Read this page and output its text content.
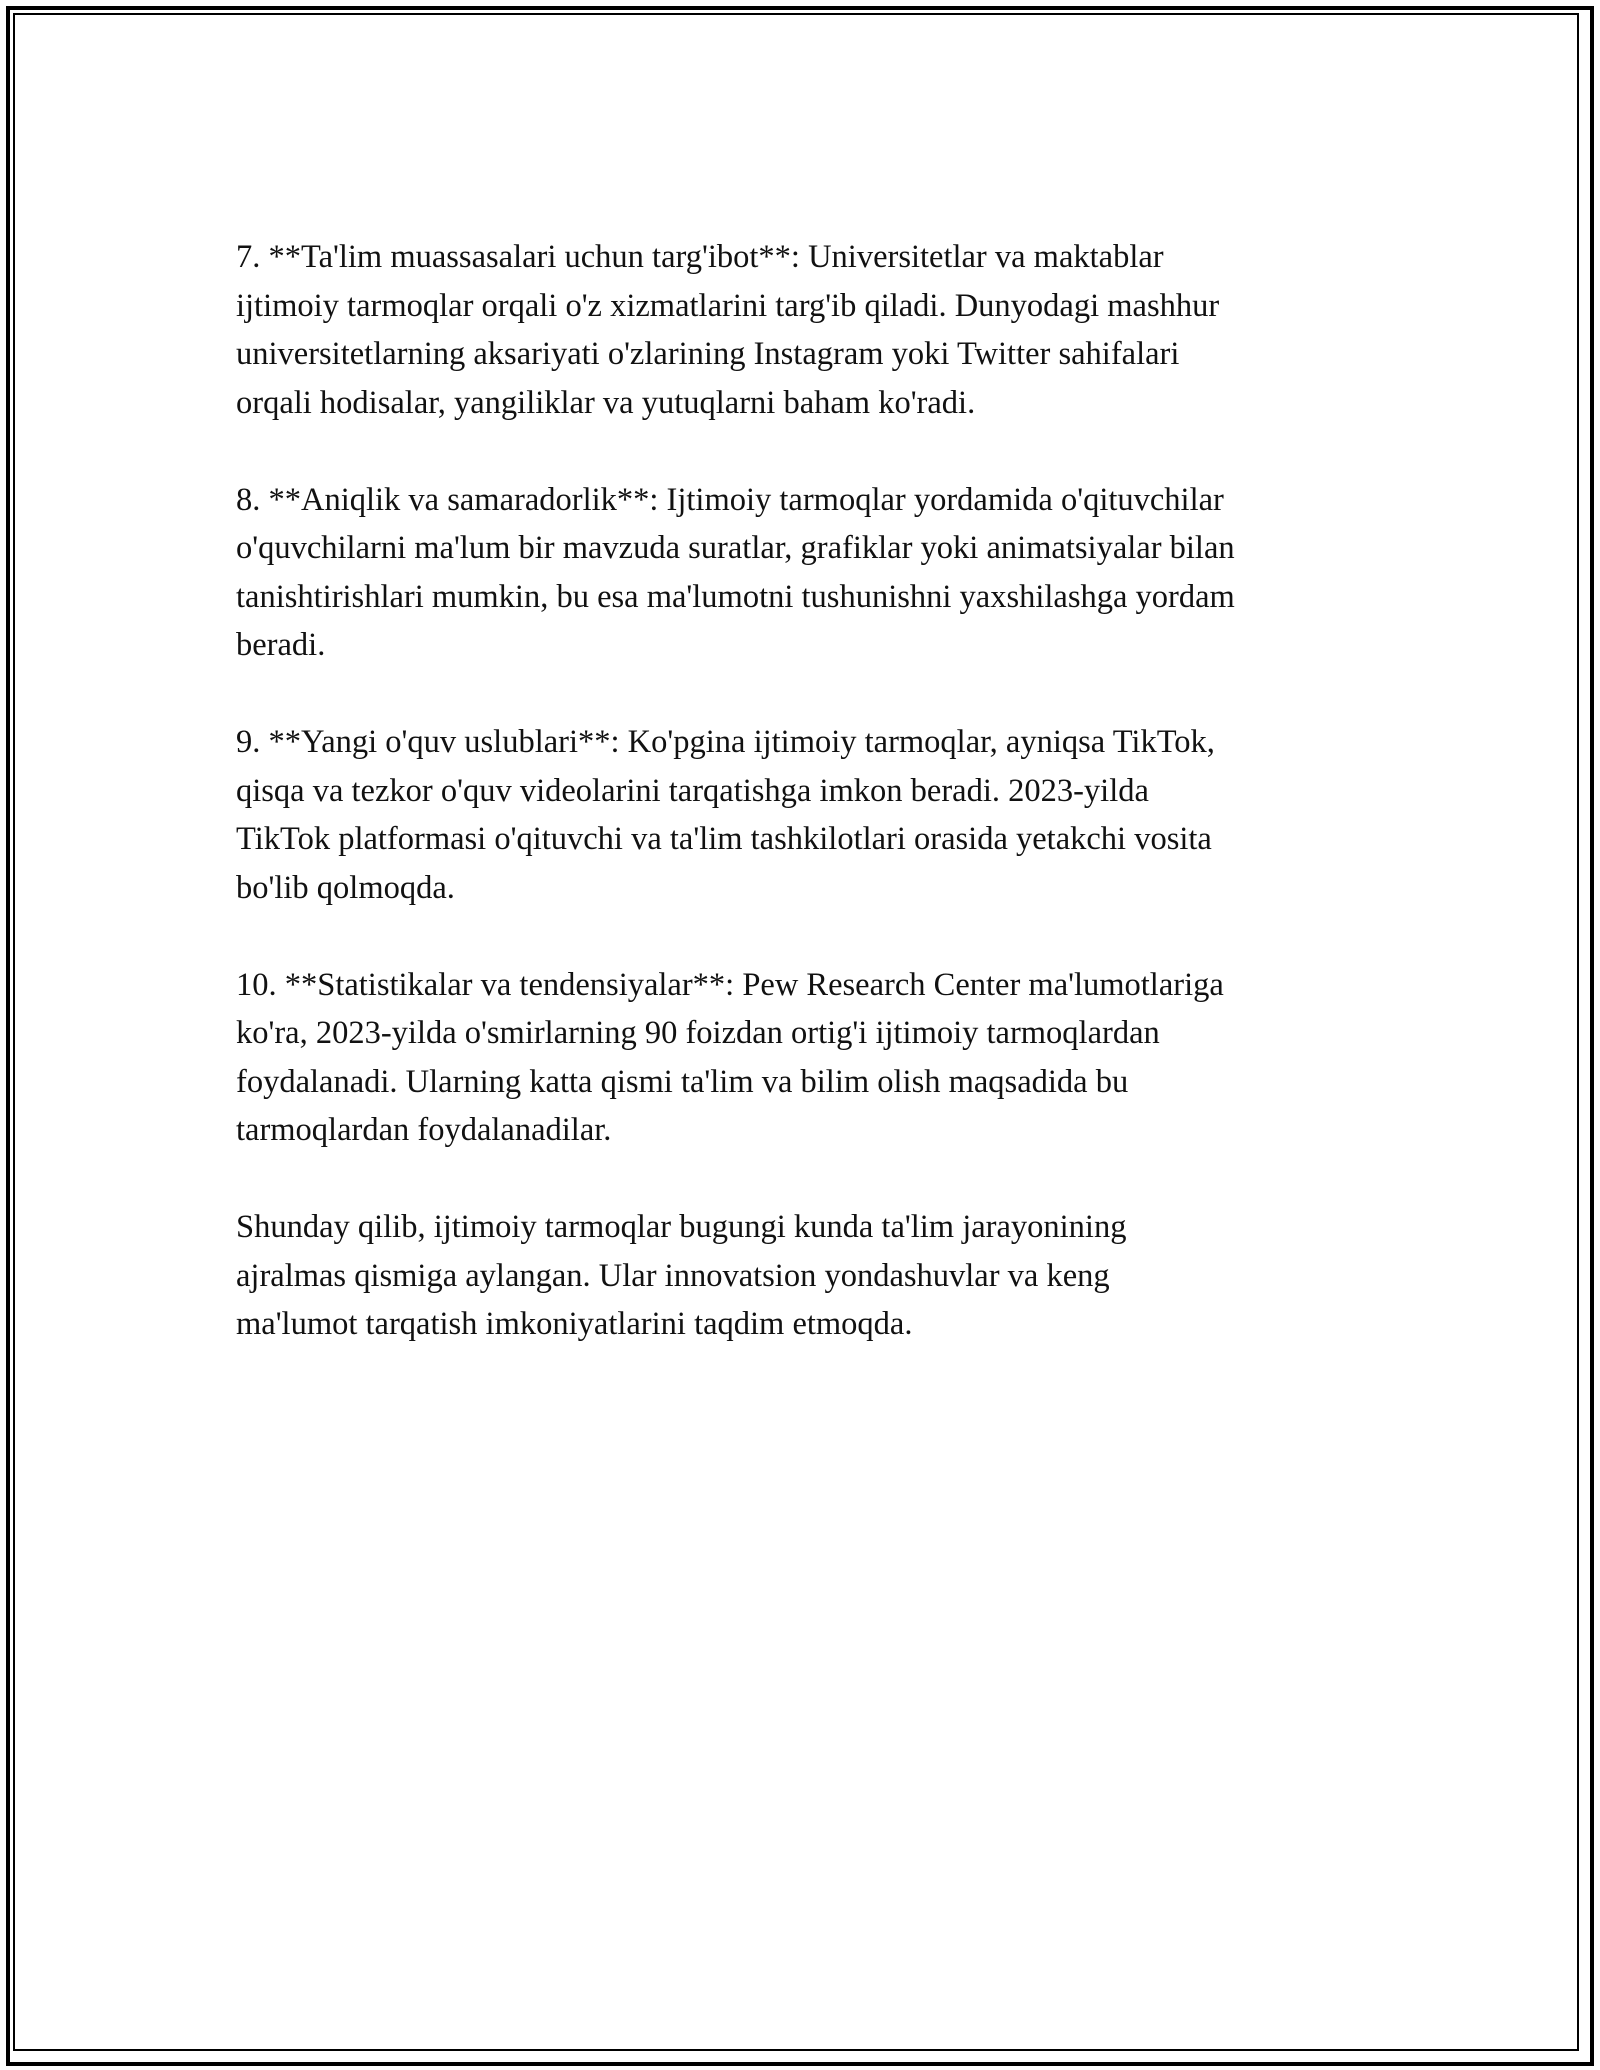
7. **Ta'lim muassasalari uchun targ'ibot**: Universitetlar va maktablar
ijtimoiy tarmoqlar orqali o'z xizmatlarini targ'ib qiladi. Dunyodagi mashhur
universitetlarning aksariyati o'zlarining Instagram yoki Twitter sahifalari
orqali hodisalar, yangiliklar va yutuqlarni baham ko'radi.

8. **Aniqlik va samaradorlik**: Ijtimoiy tarmoqlar yordamida o'qituvchilar
o'quvchilarni ma'lum bir mavzuda suratlar, grafiklar yoki animatsiyalar bilan
tanishtirishlari mumkin, bu esa ma'lumotni tushunishni yaxshilashga yordam
beradi.

9. **Yangi o'quv uslublari**: Ko'pgina ijtimoiy tarmoqlar, ayniqsa TikTok,
qisqa va tezkor o'quv videolarini tarqatishga imkon beradi. 2023-yilda
TikTok platformasi o'qituvchi va ta'lim tashkilotlari orasida yetakchi vosita
bo'lib qolmoqda.

10. **Statistikalar va tendensiyalar**: Pew Research Center ma'lumotlariga
ko'ra, 2023-yilda o'smirlarning 90 foizdan ortig'i ijtimoiy tarmoqlardan
foydalanadi. Ularning katta qismi ta'lim va bilim olish maqsadida bu
tarmoqlardan foydalanadilar.

Shunday qilib, ijtimoiy tarmoqlar bugungi kunda ta'lim jarayonining
ajralmas qismiga aylangan. Ular innovatsion yondashuvlar va keng
ma'lumot tarqatish imkoniyatlarini taqdim etmoqda.
